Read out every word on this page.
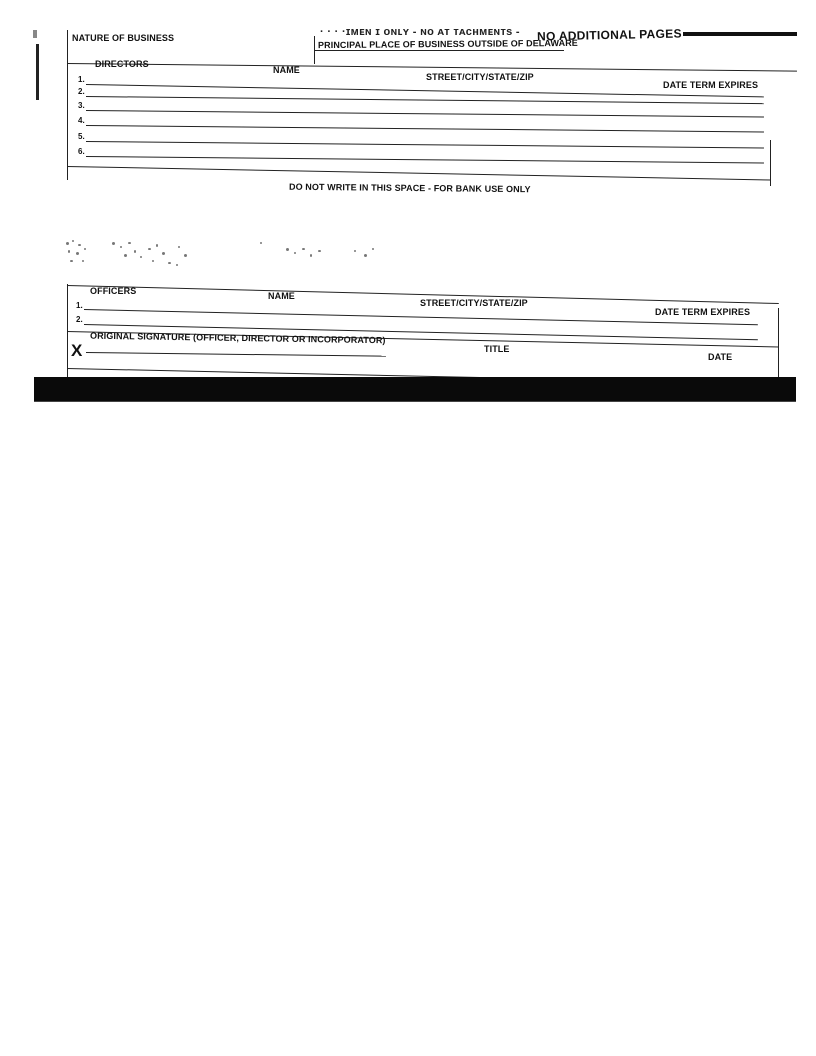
· · · ·ɪᴍᴇɴ ɪ ᴏɴʟʏ - ɴᴏ ᴀᴛ ᴛᴀᴄʜᴍᴇɴᴛs - NO ADDITIONAL PAGES
NATURE OF BUSINESS	PRINCIPAL PLACE OF BUSINESS OUTSIDE OF DELAWARE
DIRECTORS
NAME
STREET/CITY/STATE/ZIP
DATE TERM EXPIRES
1.
2.
3.
4.
5.
6.
DO NOT WRITE IN THIS SPACE - FOR BANK USE ONLY
OFFICERS	NAME
STREET/CITY/STATE/ZIP
DATE TERM EXPIRES
1.
2.
ORIGINAL SIGNATURE (OFFICER, DIRECTOR OR INCORPORATOR)
X	TITLE
DATE
